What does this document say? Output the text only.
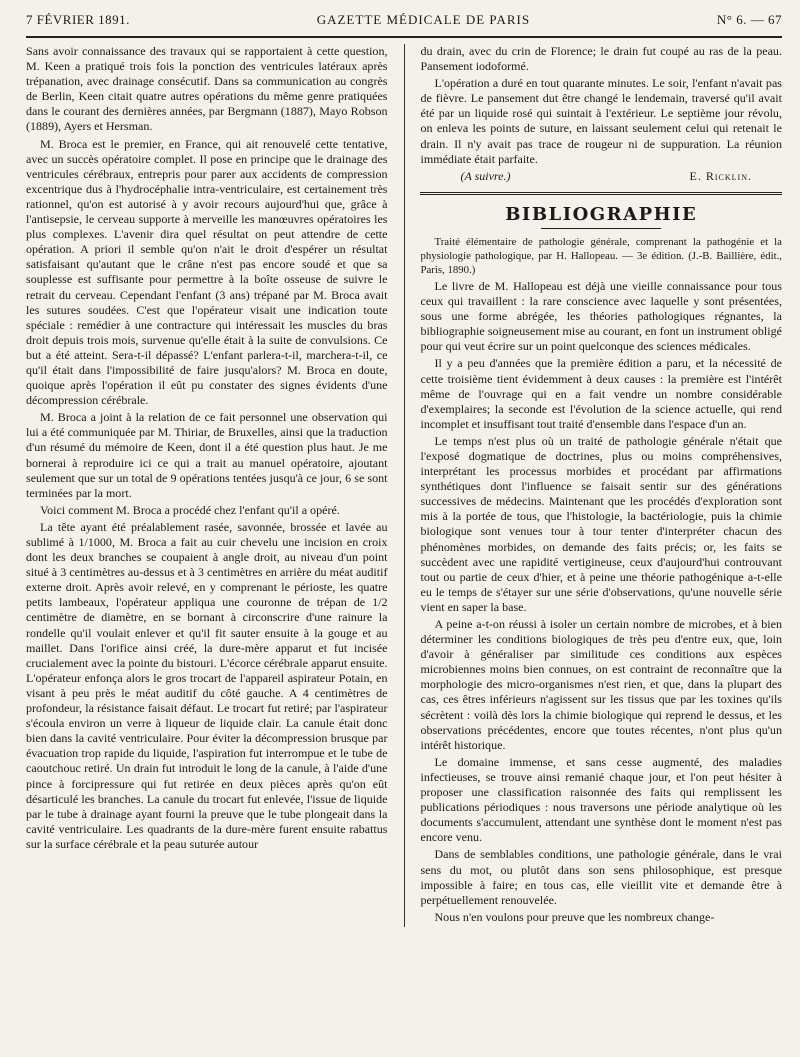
7 FÉVRIER 1891.	GAZETTE MÉDICALE DE PARIS	N° 6. — 67

Sans avoir connaissance des travaux qui se rapportaient à cette question, M. Keen a pratiqué trois fois la ponction des ventricules latéraux après trépanation, avec drainage consécutif. Dans sa communication au congrès de Berlin, Keen citait quatre autres opérations du même genre pratiquées dans le courant des dernières années, par Bergmann (1887), Mayo Robson (1889), Ayers et Hersman.

M. Broca est le premier, en France, qui ait renouvelé cette tentative, avec un succès opératoire complet. Il pose en principe que le drainage des ventricules cérébraux, entrepris pour parer aux accidents de compression excentrique dus à l'hydrocéphalie intra-ventriculaire, est certainement très rationnel, qu'on est autorisé à y avoir recours aujourd'hui que, grâce à l'antisepsie, le cerveau supporte à merveille les manœuvres opératoires les plus complexes. L'avenir dira quel résultat on peut attendre de cette opération. A priori il semble qu'on n'ait le droit d'espérer un résultat satisfaisant qu'autant que le crâne n'est pas encore soudé et que sa souplesse est suffisante pour permettre à la boîte osseuse de suivre le retrait du cerveau. Cependant l'enfant (3 ans) trépané par M. Broca avait les sutures soudées. C'est que l'opérateur visait une indication toute spéciale : remédier à une contracture qui intéressait les muscles du bras droit depuis trois mois, survenue qu'elle était à la suite de convulsions. Ce but a été atteint. Sera-t-il dépassé? L'enfant parlera-t-il, marchera-t-il, ce qu'il était dans l'impossibilité de faire jusqu'alors? M. Broca en doute, quoique après l'opération il eût pu constater des signes évidents d'une décompression cérébrale.

M. Broca a joint à la relation de ce fait personnel une observation qui lui a été communiquée par M. Thiriar, de Bruxelles, ainsi que la traduction d'un résumé du mémoire de Keen, dont il a été question plus haut. Je me bornerai à reproduire ici ce qui a trait au manuel opératoire, ajoutant seulement que sur un total de 9 opérations tentées jusqu'à ce jour, 6 se sont terminées par la mort.

Voici comment M. Broca a procédé chez l'enfant qu'il a opéré.

La tête ayant été préalablement rasée, savonnée, brossée et lavée au sublimé à 1/1000, M. Broca a fait au cuir chevelu une incision en croix dont les deux branches se coupaient à angle droit, au niveau d'un point situé à 3 centimètres au-dessus et à 3 centimètres en arrière du méat auditif externe droit. Après avoir relevé, en y comprenant le périoste, les quatre petits lambeaux, l'opérateur appliqua une couronne de trépan de 1/2 centimètre de diamètre, en se bornant à circonscrire d'une rainure la rondelle qu'il voulait enlever et qu'il fit sauter ensuite à la gouge et au maillet. Dans l'orifice ainsi créé, la dure-mère apparut et fut incisée crucialement avec la pointe du bistouri. L'écorce cérébrale apparut ensuite. L'opérateur enfonça alors le gros trocart de l'appareil aspirateur Potain, en visant à peu près le méat auditif du côté gauche. A 4 centimètres de profondeur, la résistance faisait défaut. Le trocart fut retiré; par l'aspirateur s'écoula environ un verre à liqueur de liquide clair. La canule était donc bien dans la cavité ventriculaire. Pour éviter la décompression brusque par évacuation trop rapide du liquide, l'aspiration fut interrompue et le tube de caoutchouc retiré. Un drain fut introduit le long de la canule, à l'aide d'une pince à forcipressure qui fut retirée en deux pièces après qu'on eût désarticulé les branches. La canule du trocart fut enlevée, l'issue de liquide par le tube à drainage ayant fourni la preuve que le tube plongeait dans la cavité ventriculaire. Les quadrants de la dure-mère furent ensuite rabattus sur la surface cérébrale et la peau suturée autour

du drain, avec du crin de Florence; le drain fut coupé au ras de la peau. Pansement iodoformé.

L'opération a duré en tout quarante minutes. Le soir, l'enfant n'avait pas de fièvre. Le pansement dut être changé le lendemain, traversé qu'il avait été par un liquide rosé qui suintait à l'extérieur. Le septième jour révolu, on enleva les points de suture, en laissant seulement celui qui retenait le drain. Il n'y avait pas trace de rougeur ni de suppuration. La réunion immédiate était parfaite.

(A suivre.)	E. Ricklin.
BIBLIOGRAPHIE

Traité élémentaire de pathologie générale, comprenant la pathogénie et la physiologie pathologique, par H. Hallopeau. — 3e édition. (J.-B. Baillière, édit., Paris, 1890.)

Le livre de M. Hallopeau est déjà une vieille connaissance pour tous ceux qui travaillent : la rare conscience avec laquelle y sont présentées, sous une forme abrégée, les théories pathologiques régnantes, la bibliographie soigneusement mise au courant, en font un instrument obligé pour qui veut écrire sur un point quelconque des sciences médicales.

Il y a peu d'années que la première édition a paru, et la nécessité de cette troisième tient évidemment à deux causes : la première est l'intérêt même de l'ouvrage qui en a fait vendre un nombre considérable d'exemplaires; la seconde est l'évolution de la science actuelle, qui rend incomplet et insuffisant tout traité d'ensemble dans l'espace d'un an.

Le temps n'est plus où un traité de pathologie générale n'était que l'exposé dogmatique de doctrines, plus ou moins compréhensives, interprétant les processus morbides et procédant par affirmations synthétiques dont l'influence se faisait sentir sur des générations successives de médecins. Maintenant que les procédés d'exploration sont mis à la portée de tous, que l'histologie, la bactériologie, puis la chimie biologique sont venues tour à tour tenter d'interpréter chacun des phénomènes morbides, on demande des faits précis; or, les faits se succèdent avec une rapidité vertigineuse, ceux d'aujourd'hui controuvant tout ou partie de ceux d'hier, et à peine une théorie pathogénique a-t-elle eu le temps de s'étayer sur une série d'observations, qu'une nouvelle série vient en saper la base.

A peine a-t-on réussi à isoler un certain nombre de microbes, et à bien déterminer les conditions biologiques de très peu d'entre eux, que, loin d'avoir à généraliser par similitude ces conditions aux espèces microbiennes moins bien connues, on est contraint de reconnaître que la morphologie des micro-organismes n'est rien, et que, dans la plupart des cas, ces êtres inférieurs n'agissent sur les tissus que par les toxines qu'ils sécrètent : voilà dès lors la chimie biologique qui reprend le dessus, et les observations précédentes, encore que toutes récentes, n'ont plus qu'un intérêt historique.

Le domaine immense, et sans cesse augmenté, des maladies infectieuses, se trouve ainsi remanié chaque jour, et l'on peut hésiter à proposer une classification raisonnée des faits qui remplissent les publications périodiques : nous traversons une période analytique où les documents s'accumulent, attendant une synthèse dont le moment n'est pas encore venu.

Dans de semblables conditions, une pathologie générale, dans le vrai sens du mot, ou plutôt dans son sens philosophique, est presque impossible à faire; en tous cas, elle vieillit vite et demande être à perpétuellement renouvelée.

Nous n'en voulons pour preuve que les nombreux change-
